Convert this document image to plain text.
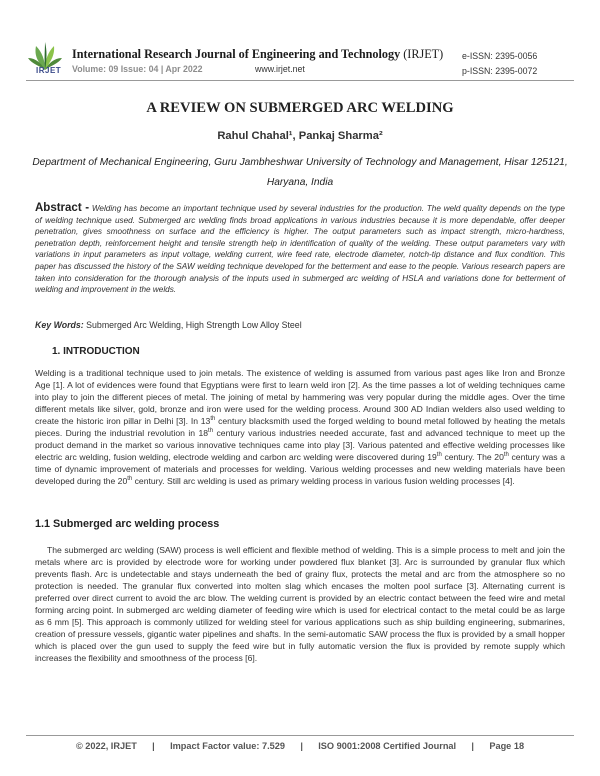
IRJET
International Research Journal of Engineering and Technology (IRJET)
Volume: 09 Issue: 04 | Apr 2022	www.irjet.net
e-ISSN: 2395-0056
p-ISSN: 2395-0072
A REVIEW ON SUBMERGED ARC WELDING
Rahul Chahal¹, Pankaj Sharma²
Department of Mechanical Engineering, Guru Jambheshwar University of Technology and Management, Hisar 125121, Haryana, India
Abstract - Welding has become an important technique used by several industries for the production. The weld quality depends on the type of welding technique used. Submerged arc welding finds broad applications in various industries because it is more dependable, offer deeper penetration, gives smoothness on surface and the efficiency is higher. The output parameters such as impact strength, micro-hardness, penetration depth, reinforcement height and tensile strength help in identification of quality of the welding. These output parameters vary with variations in input parameters as input voltage, welding current, wire feed rate, electrode diameter, notch-tip distance and flux condition. This paper has discussed the history of the SAW welding technique developed for the betterment and ease to the people. Various research papers are taken into consideration for the thorough analysis of the inputs used in submerged arc welding of HSLA and variations done for betterment of welding and improvement in the welds.
Key Words: Submerged Arc Welding, High Strength Low Alloy Steel
1. INTRODUCTION
Welding is a traditional technique used to join metals. The existence of welding is assumed from various past ages like Iron and Bronze Age [1]. A lot of evidences were found that Egyptians were first to learn weld iron [2]. As the time passes a lot of welding techniques came into play to join the different pieces of metal. The joining of metal by hammering was very popular during the middle ages. Over the time different metals like silver, gold, bronze and iron were used for the welding process. Around 300 AD Indian welders also used welding to create the historic iron pillar in Delhi [3]. In 13th century blacksmith used the forged welding to bound metal followed by heating the metals pieces. During the industrial revolution in 18th century various industries needed accurate, fast and advanced technique to meet up the product demand in the market so various innovative techniques came into play [3]. Various patented and effective welding processes like electric arc welding, fusion welding, electrode welding and carbon arc welding were discovered during 19th century. The 20th century was a time of dynamic improvement of materials and processes for welding. Various welding processes and new welding materials have been developed during the 20th century. Still arc welding is used as primary welding process in various fusion welding processes [4].
1.1 Submerged arc welding process
The submerged arc welding (SAW) process is well efficient and flexible method of welding. This is a simple process to melt and join the metals where arc is provided by electrode wore for working under powdered flux blanket [3]. Arc is surrounded by granular flux which prevents flash. Arc is undetectable and stays underneath the bed of grainy flux, protects the metal and arc from the atmosphere so no protection is needed. The granular flux converted into molten slag which encases the molten pool surface [3]. Alternating current is preferred over direct current to avoid the arc blow. The welding current is provided by an electric contact between the feed wire and metal forming arcing point. In submerged arc welding diameter of feeding wire which is used for electrical contact to the metal could be as large as 6 mm [5]. This approach is commonly utilized for welding steel for various applications such as ship building engineering, submarines, creation of pressure vessels, gigantic water pipelines and shafts. In the semi-automatic SAW process the flux is provided by a small hopper which is placed over the gun used to supply the feed wire but in fully automatic version the flux is provided by remote supply which increases the flexibility and smoothness of the process [6].
© 2022, IRJET | Impact Factor value: 7.529 | ISO 9001:2008 Certified Journal | Page 18
